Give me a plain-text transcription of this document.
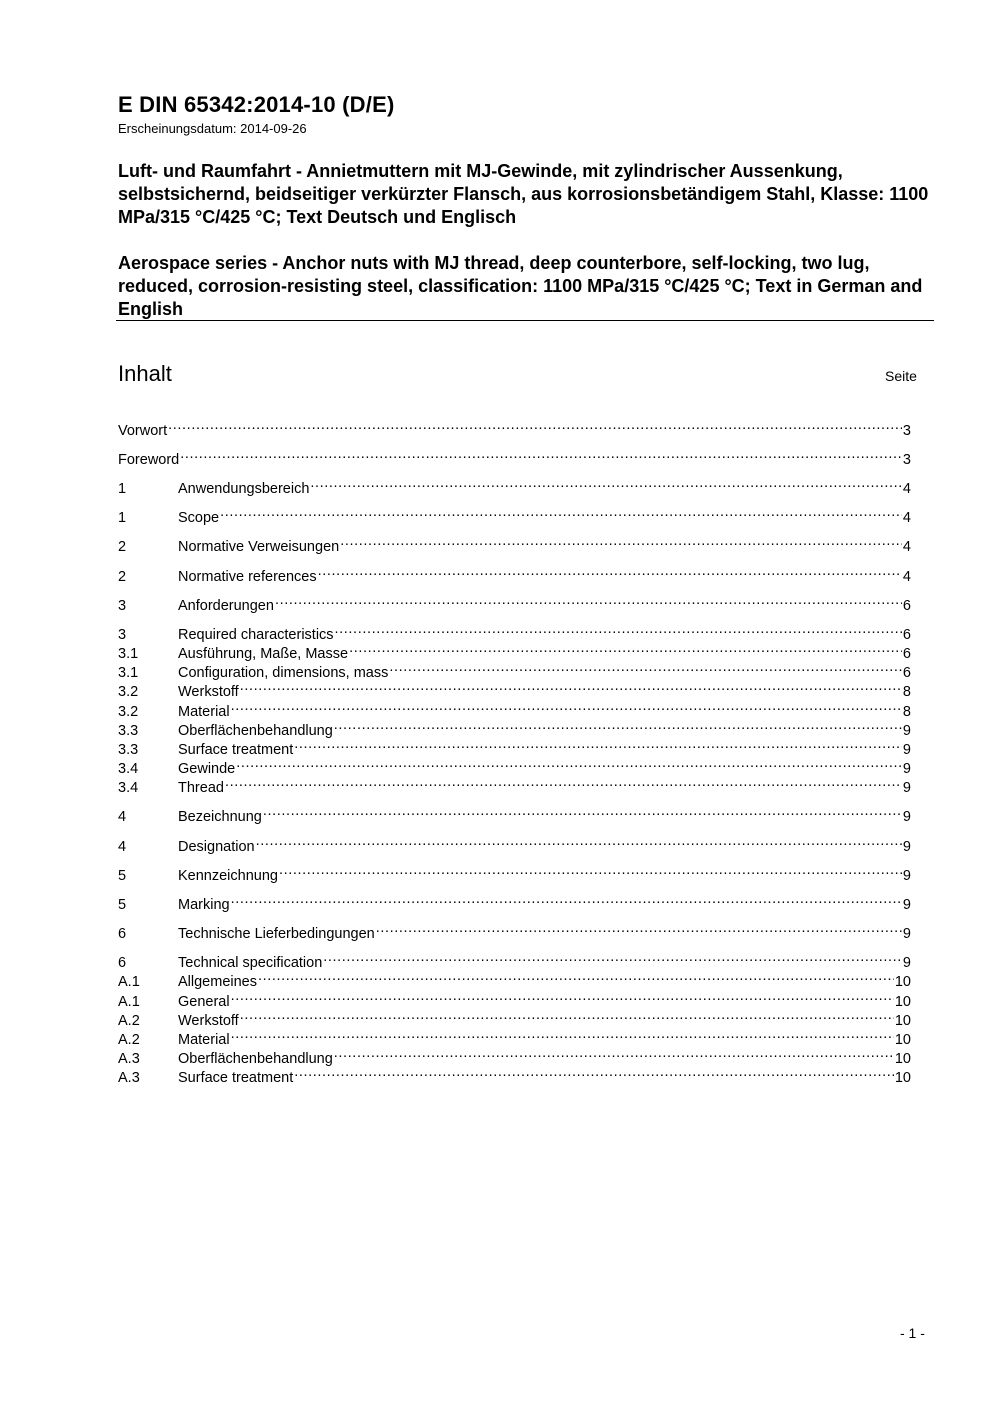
E DIN 65342:2014-10 (D/E)
Erscheinungsdatum: 2014-09-26
Luft- und Raumfahrt - Annietmuttern mit MJ-Gewinde, mit zylindrischer Aussenkung, selbstsichernd, beidseitiger verkürzter Flansch, aus korrosionsbetändigem Stahl, Klasse: 1100 MPa/315 °C/425 °C; Text Deutsch und Englisch
Aerospace series - Anchor nuts with MJ thread, deep counterbore, self-locking, two lug, reduced, corrosion-resisting steel, classification: 1100 MPa/315 °C/425 °C; Text in German and English
Inhalt	Seite
Vorwort .....	3
Foreword .....	3
1	Anwendungsbereich .....	4
1	Scope .....	4
2	Normative Verweisungen .....	4
2	Normative references .....	4
3	Anforderungen .....	6
3	Required characteristics .....	6
3.1	Ausführung, Maße, Masse .....	6
3.1	Configuration, dimensions, mass .....	6
3.2	Werkstoff .....	8
3.2	Material .....	8
3.3	Oberflächenbehandlung .....	9
3.3	Surface treatment .....	9
3.4	Gewinde .....	9
3.4	Thread .....	9
4	Bezeichnung .....	9
4	Designation .....	9
5	Kennzeichnung .....	9
5	Marking .....	9
6	Technische Lieferbedingungen .....	9
6	Technical specification .....	9
A.1	Allgemeines .....	10
A.1	General .....	10
A.2	Werkstoff .....	10
A.2	Material .....	10
A.3	Oberflächenbehandlung .....	10
A.3	Surface treatment .....	10
- 1 -
